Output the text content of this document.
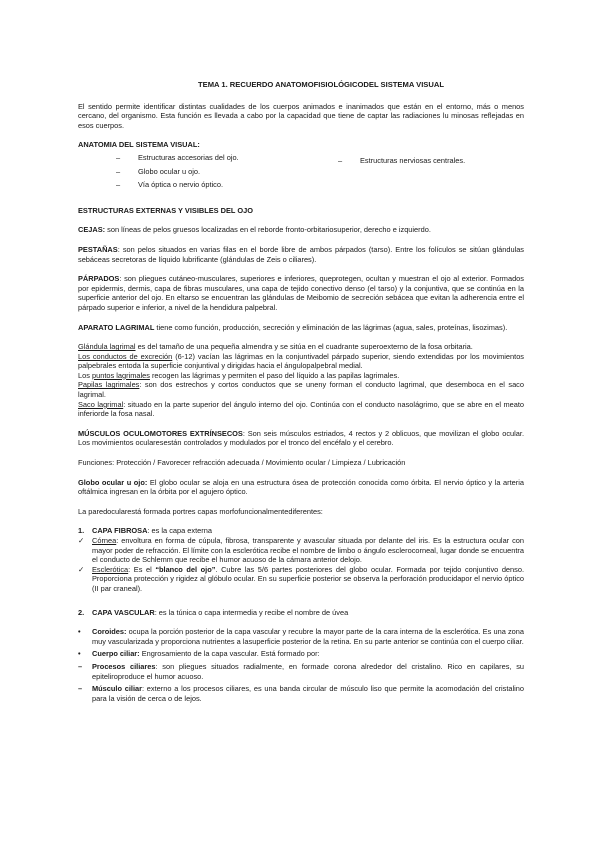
TEMA 1. RECUERDO ANATOMOFISIOLÓGICODEL SISTEMA VISUAL

El sentido permite identificar distintas cualidades de los cuerpos animados e inanimados que están en el entorno, más o menos cercano, del organismo. Esta función es llevada a cabo por la capacidad que tiene de captar las radiaciones lu minosas reflejadas en esos cuerpos.

ANATOMIA DEL SISTEMA VISUAL:
–	Estructuras accesorias del ojo.
–	Globo ocular u ojo.
–	Vía óptica o nervio óptico.
–	Estructuras nerviosas centrales.

ESTRUCTURAS EXTERNAS Y VISIBLES DEL OJO

CEJAS: son líneas de pelos gruesos localizadas en el reborde fronto-orbitariosuperior, derecho e izquierdo.

PESTAÑAS: son pelos situados en varias filas en el borde libre de ambos párpados (tarso). Entre los folículos se sitúan glándulas sebáceas secretoras de líquido lubrificante (glándulas de Zeis o ciliares).

PÁRPADOS: son pliegues cutáneo-musculares, superiores e inferiores, queprotegen, ocultan y muestran el ojo al exterior. Formados por epidermis, dermis, capa de fibras musculares, una capa de tejido conectivo denso (el tarso) y la conjuntiva, que se continúa en la superficie anterior del ojo. En eltarso se encuentran las glándulas de Meibomio de secreción sebácea que evitan la adherencia entre el párpado superior e inferior, a nivel de la hendidura palpebral.

APARATO LAGRIMAL tiene como función, producción, secreción y eliminación de las lágrimas (agua, sales, proteínas, lisozimas).

Glándula lagrimal es del tamaño de una pequeña almendra y se sitúa en el cuadrante superoexterno de la fosa orbitaria.

Los conductos de excreción (6-12) vacían las lágrimas en la conjuntivadel párpado superior, siendo extendidas por los movimientos palpebrales entoda la superficie conjuntival y dirigidas hacia el ángulopalpebral medial.

Los puntos lagrimales recogen las lágrimas y permiten el paso del líquido a las papilas lagrimales.

Papilas lagrimales: son dos estrechos y cortos conductos que se uneny forman el conducto lagrimal, que desemboca en el saco lagrimal.

Saco lagrimal: situado en la parte superior del ángulo interno del ojo. Continúa con el conducto nasolágrimo, que se abre en el meato inferiorde la fosa nasal.

MÚSCULOS OCULOMOTORES EXTRÍNSECOS: Son seis músculos estriados, 4 rectos y 2 oblicuos, que movilizan el globo ocular. Los movimientos ocularesestán controlados y modulados por el tronco del encéfalo y el cerebro.

Funciones: Protección / Favorecer refracción adecuada / Movimiento ocular / Limpieza / Lubricación

Globo ocular u ojo: El globo ocular se aloja en una estructura ósea de protección conocida como órbita. El nervio óptico y la arteria oftálmica ingresan en la órbita por el agujero óptico.

La paredocularestá formada portres capas morfofuncionalmentediferentes:

1.	CAPA FIBROSA: es la capa externa
✓	Córnea: envoltura en forma de cúpula, fibrosa, transparente y avascular situada por delante del iris. Es la estructura ocular con mayor poder de refracción. El límite con la esclerótica recibe el nombre de limbo o ángulo esclerocorneal, lugar donde se encuentra el conducto de Schlemm que recibe el humor acuoso de la cámara anterior delojo.
✓	Esclerótica: Es el “blanco del ojo”. Cubre las 5/6 partes posteriores del globo ocular. Formada por tejido conjuntivo denso. Proporciona protección y rigidez al glóbulo ocular. En su superficie posterior se observa la perforación producidapor el nervio óptico (II par craneal).
2.	CAPA VASCULAR: es la túnica o capa intermedia y recibe el nombre de úvea
•	Coroides: ocupa la porción posterior de la capa vascular y recubre la mayor parte de la cara interna de la esclerótica. Es una zona muy vascularizada y proporciona nutrientes a lasuperficie posterior de la retina. En su parte anterior se continúa con el cuerpo ciliar.
•	Cuerpo ciliar: Engrosamiento de la capa vascular. Está formado por:
–	Procesos ciliares: son pliegues situados radialmente, en formade corona alrededor del cristalino. Rico en capilares, su epiteliroproduce el humor acuoso.
–	Músculo ciliar: externo a los procesos ciliares, es una banda circular de músculo liso que permite la acomodación del cristalino para la visión de cerca o de lejos.
